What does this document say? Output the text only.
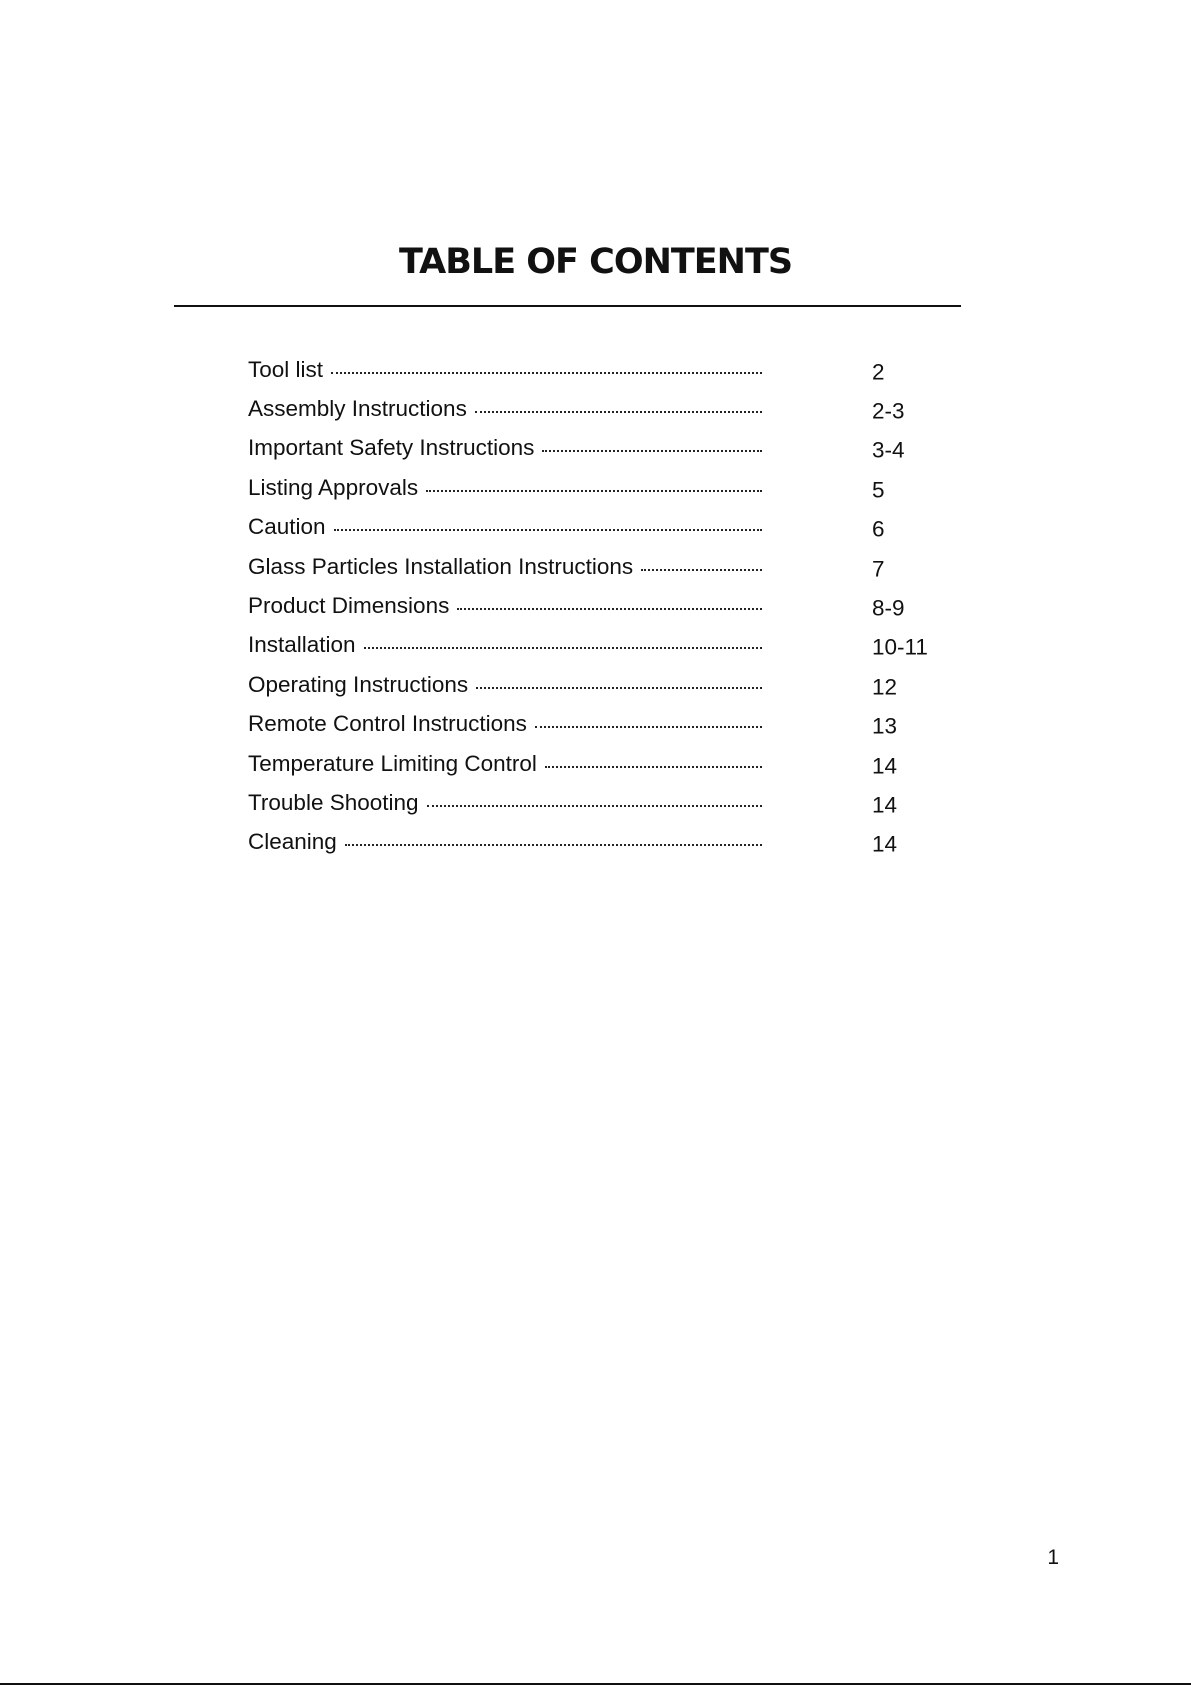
TABLE OF CONTENTS
Tool list	2
Assembly Instructions	2-3
Important Safety Instructions	3-4
Listing Approvals	5
Caution	6
Glass Particles Installation Instructions	7
Product Dimensions	8-9
Installation	10-11
Operating Instructions	12
Remote Control Instructions	13
Temperature Limiting Control	14
Trouble Shooting	14
Cleaning	14
1
